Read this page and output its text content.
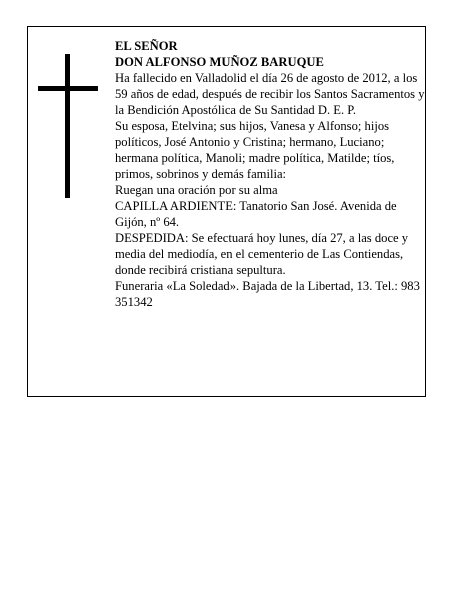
EL SEÑOR

DON ALFONSO MUÑOZ BARUQUE

Ha fallecido en Valladolid el día 26 de agosto de 2012, a los 59 años de edad, después de recibir los Santos Sacramentos y la Bendición Apostólica de Su Santidad D. E. P.

Su esposa, Etelvina; sus hijos, Vanesa y Alfonso; hijos políticos, José Antonio y Cristina; hermano, Luciano; hermana política, Manoli; madre política, Matilde; tíos, primos, sobrinos y demás familia:

Ruegan una oración por su alma

CAPILLA ARDIENTE: Tanatorio San José. Avenida de Gijón, nº 64.

DESPEDIDA: Se efectuará hoy lunes, día 27, a las doce y media del mediodía, en el cementerio de Las Contiendas, donde recibirá cristiana sepultura.

Funeraria «La Soledad». Bajada de la Libertad, 13. Tel.: 983 351342
